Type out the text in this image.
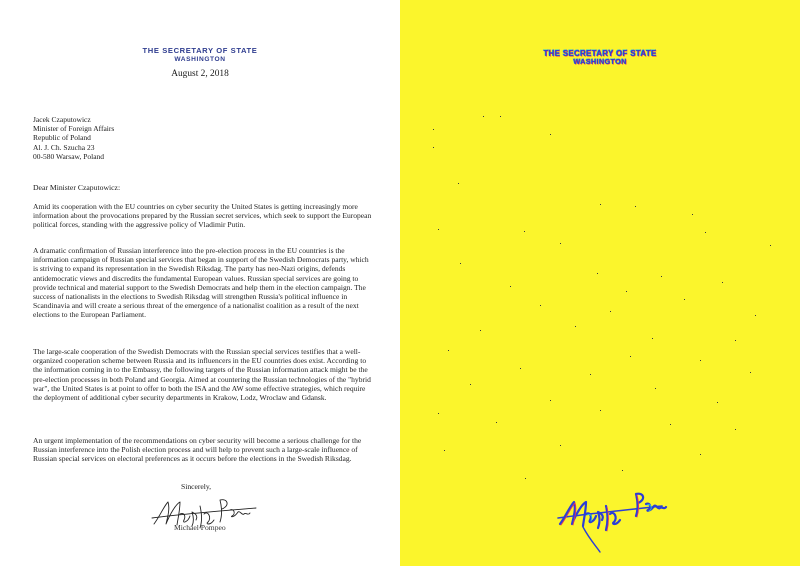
THE SECRETARY OF STATE
WASHINGTON
August 2, 2018
Jacek Czaputowicz
Minister of Foreign Affairs
Republic of Poland
Al. J. Ch. Szucha 23
00-580 Warsaw, Poland
Dear Minister Czaputowicz:
Amid its cooperation with the EU countries on cyber security the United States is getting increasingly more information about the provocations prepared by the Russian secret services, which seek to support the European political forces, standing with the aggressive policy of Vladimir Putin.
A dramatic confirmation of Russian interference into the pre-election process in the EU countries is the information campaign of Russian special services that began in support of the Swedish Democrats party, which is striving to expand its representation in the Swedish Riksdag. The party has neo-Nazi origins, defends antidemocratic views and discredits the fundamental European values. Russian special services are going to provide technical and material support to the Swedish Democrats and help them in the election campaign. The success of nationalists in the elections to Swedish Riksdag will strengthen Russia's political influence in Scandinavia and will create a serious threat of the emergence of a nationalist coalition as a result of the next elections to the European Parliament.
The large-scale cooperation of the Swedish Democrats with the Russian special services testifies that a well-organized cooperation scheme between Russia and its influencers in the EU countries does exist. According to the information coming in to the Embassy, the following targets of the Russian information attack might be the pre-election processes in both Poland and Georgia. Aimed at countering the Russian technologies of the "hybrid war", the United States is at point to offer to both the ISA and the AW some effective strategies, which require the deployment of additional cyber security departments in Krakow, Lodz, Wroclaw and Gdansk.
An urgent implementation of the recommendations on cyber security will become a serious challenge for the Russian interference into the Polish election process and will help to prevent such a large-scale influence of Russian special services on electoral preferences as it occurs before the elections in the Swedish Riksdag.
Sincerely,
Michael Pompeo
THE SECRETARY OF STATE
WASHINGTON
